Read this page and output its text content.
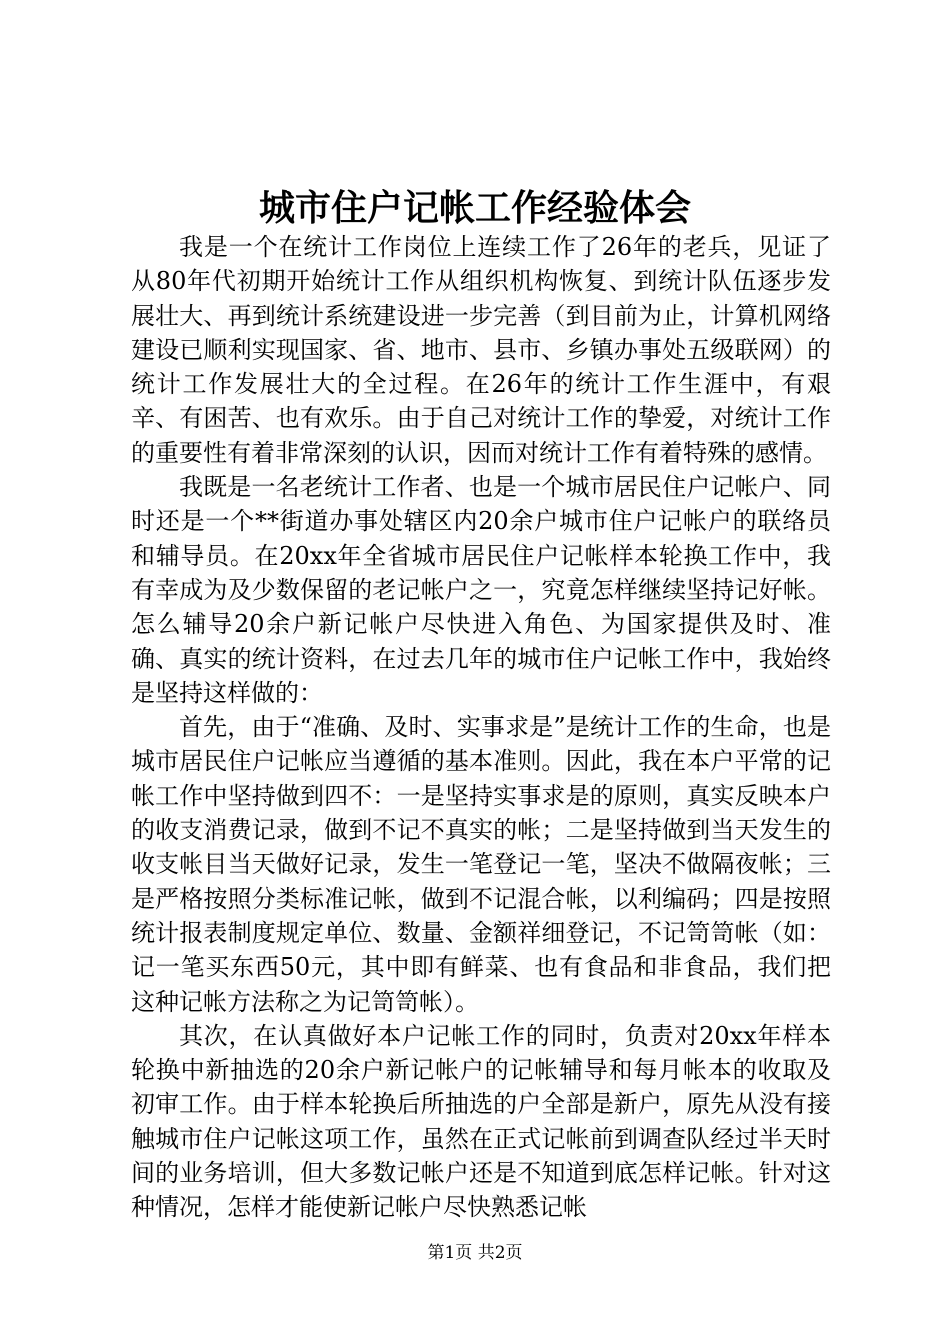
城市住户记帐工作经验体会

我是一个在统计工作岗位上连续工作了26年的老兵，见证了从80年代初期开始统计工作从组织机构恢复、到统计队伍逐步发展壮大、再到统计系统建设进一步完善（到目前为止，计算机网络建设已顺利实现国家、省、地市、县市、乡镇办事处五级联网）的统计工作发展壮大的全过程。在26年的统计工作生涯中，有艰辛、有困苦、也有欢乐。由于自己对统计工作的挚爱，对统计工作的重要性有着非常深刻的认识，因而对统计工作有着特殊的感情。

我既是一名老统计工作者、也是一个城市居民住户记帐户、同时还是一个**街道办事处辖区内20余户城市住户记帐户的联络员和辅导员。在20xx年全省城市居民住户记帐样本轮换工作中，我有幸成为及少数保留的老记帐户之一，究竟怎样继续坚持记好帐。怎么辅导20余户新记帐户尽快进入角色、为国家提供及时、准确、真实的统计资料，在过去几年的城市住户记帐工作中，我始终是坚持这样做的：

首先，由于“准确、及时、实事求是”是统计工作的生命，也是城市居民住户记帐应当遵循的基本准则。因此，我在本户平常的记帐工作中坚持做到四不：一是坚持实事求是的原则，真实反映本户的收支消费记录，做到不记不真实的帐；二是坚持做到当天发生的收支帐目当天做好记录，发生一笔登记一笔，坚决不做隔夜帐；三是严格按照分类标准记帐，做到不记混合帐，以利编码；四是按照统计报表制度规定单位、数量、金额祥细登记，不记笥笥帐（如：记一笔买东西50元，其中即有鲜菜、也有食品和非食品，我们把这种记帐方法称之为记笥笥帐）。

其次，在认真做好本户记帐工作的同时，负责对20xx年样本轮换中新抽选的20余户新记帐户的记帐辅导和每月帐本的收取及初审工作。由于样本轮换后所抽选的户全部是新户，原先从没有接触城市住户记帐这项工作，虽然在正式记帐前到调查队经过半天时间的业务培训，但大多数记帐户还是不知道到底怎样记帐。针对这种情况，怎样才能使新记帐户尽快熟悉记帐

第1页 共2页
